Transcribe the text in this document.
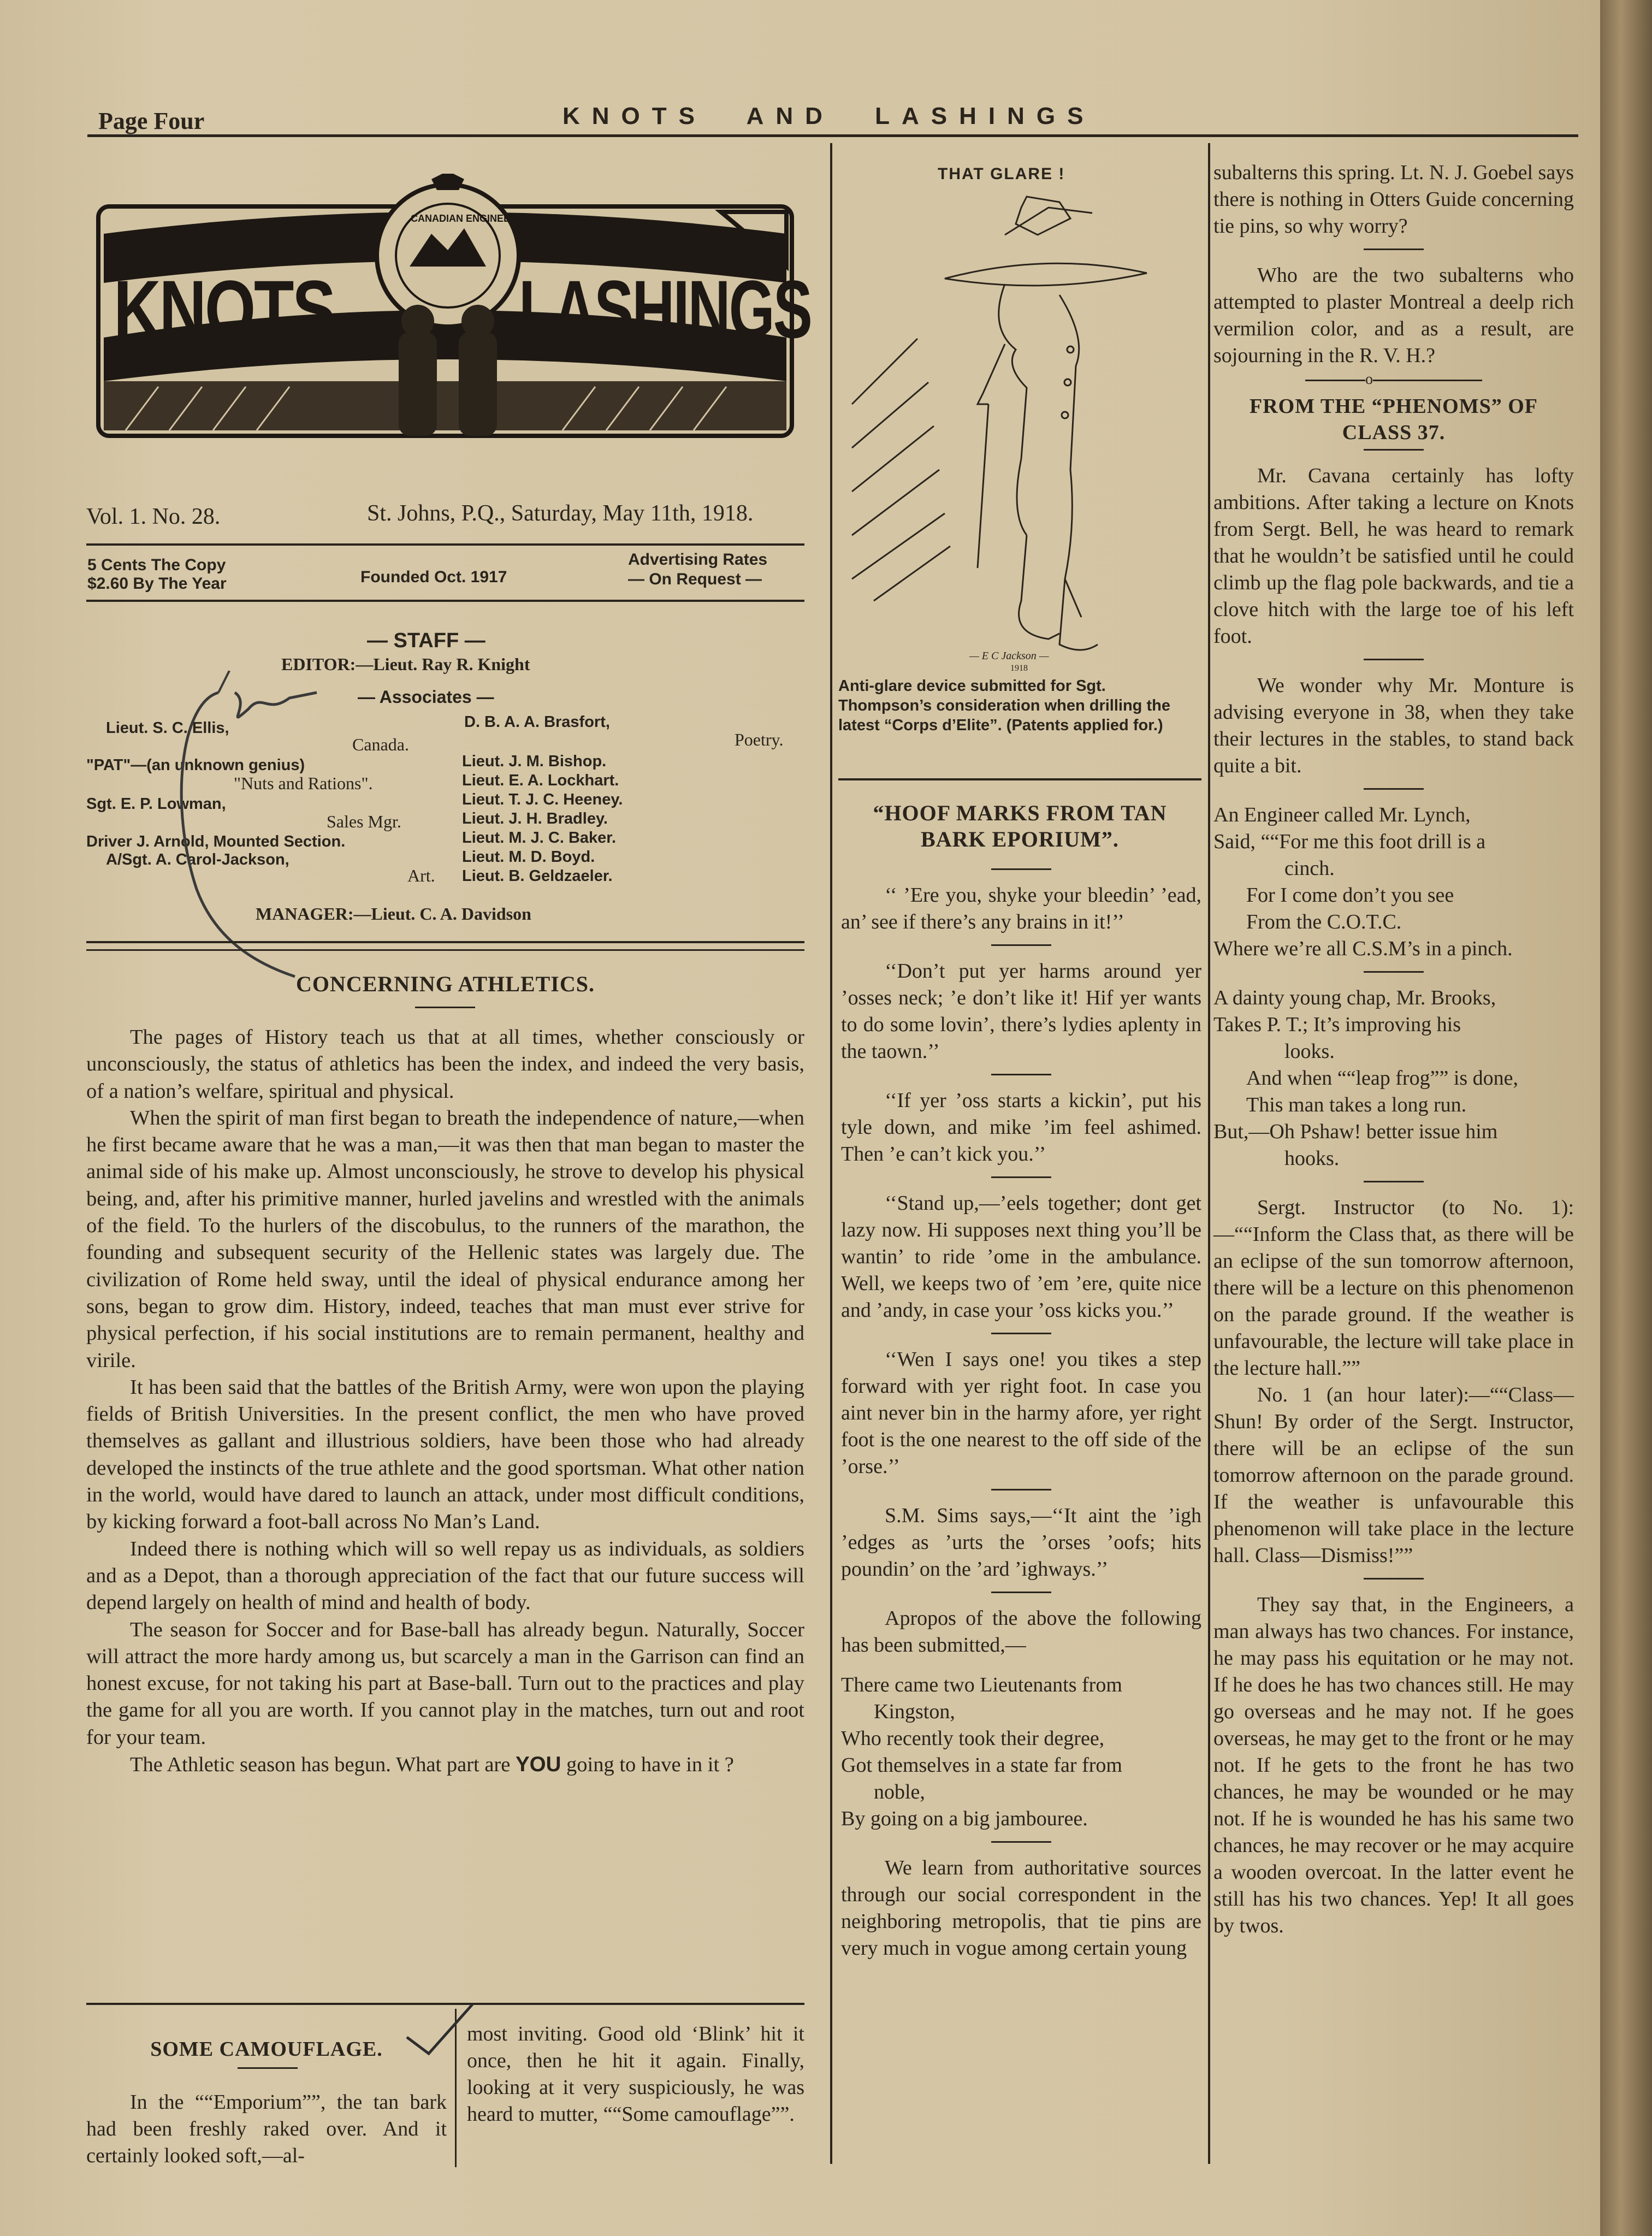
Page Four	KNOTS AND LASHINGS
KNOTS AND LASHINGS
CANADIAN ENGINEERS
Vol. 1. No. 28.	St. Johns, P.Q., Saturday, May 11th, 1918.
5 Cents The Copy
$2.60 By The Year	Founded Oct. 1917
Advertising Rates
— On Request —
— STAFF —
EDITOR:—Lieut. Ray R. Knight
— Associates —
Lieut. S. C. Ellis,
Canada.
"PAT"—(an unknown genius)
"Nuts and Rations".
Sgt. E. P. Lowman,
Sales Mgr.
Driver J. Arnold, Mounted Section.
A/Sgt. A. Carol-Jackson,
Art.
D. B. A. A. Brasfort,
Poetry.
Lieut. J. M. Bishop.
Lieut. E. A. Lockhart.
Lieut. T. J. C. Heeney.
Lieut. J. H. Bradley.
Lieut. M. J. C. Baker.
Lieut. M. D. Boyd.
Lieut. B. Geldzaeler.
MANAGER:—Lieut. C. A. Davidson
CONCERNING ATHLETICS.

The pages of History teach us that at all times, whether consciously or unconsciously, the status of athletics has been the index, and indeed the very basis, of a nation’s welfare, spiritual and physical.

When the spirit of man first began to breath the independence of nature,—when he first became aware that he was a man,—it was then that man began to master the animal side of his make up. Almost unconsciously, he strove to develop his physical being, and, after his primitive manner, hurled javelins and wrestled with the animals of the field. To the hurlers of the discobulus, to the runners of the marathon, the founding and subsequent security of the Hellenic states was largely due. The civilization of Rome held sway, until the ideal of physical endurance among her sons, began to grow dim. History, indeed, teaches that man must ever strive for physical perfection, if his social institutions are to remain permanent, healthy and virile.

It has been said that the battles of the British Army, were won upon the playing fields of British Universities. In the present conflict, the men who have proved themselves as gallant and illustrious soldiers, have been those who had already developed the instincts of the true athlete and the good sportsman. What other nation in the world, would have dared to launch an attack, under most difficult conditions, by kicking forward a foot-ball across No Man’s Land.

Indeed there is nothing which will so well repay us as individuals, as soldiers and as a Depot, than a thorough appreciation of the fact that our future success will depend largely on health of mind and health of body.

The season for Soccer and for Base-ball has already begun. Naturally, Soccer will attract the more hardy among us, but scarcely a man in the Garrison can find an honest excuse, for not taking his part at Base-ball. Turn out to the practices and play the game for all you are worth. If you cannot play in the matches, turn out and root for your team.

The Athletic season has begun. What part are YOU going to have in it ?

SOME CAMOUFLAGE.

In the ““Emporium””, the tan bark had been freshly raked over. And it certainly looked soft,—al-

most inviting. Good old ‘Blink’ hit it once, then he hit it again. Finally, looking at it very suspiciously, he was heard to mutter, ““Some camouflage””.

THAT GLARE !
— E C Jackson —
1918
Anti-glare device submitted for Sgt. Thompson’s consideration when drilling the latest “Corps d’Elite”. (Patents applied for.)
“HOOF MARKS FROM TAN BARK EPORIUM”.

‘‘ ’Ere you, shyke your bleedin’ ’ead, an’ see if there’s any brains in it!’’

‘‘Don’t put yer harms around yer ’osses neck; ’e don’t like it! Hif yer wants to do some lovin’, there’s lydies aplenty in the taown.’’

‘‘If yer ’oss starts a kickin’, put his tyle down, and mike ’im feel ashimed. Then ’e can’t kick you.’’

‘‘Stand up,—’eels together; dont get lazy now. Hi supposes next thing you’ll be wantin’ to ride ’ome in the ambulance. Well, we keeps two of ’em ’ere, quite nice and ’andy, in case your ’oss kicks you.’’

‘‘Wen I says one! you tikes a step forward with yer right foot. In case you aint never bin in the harmy afore, yer right foot is the one nearest to the off side of the ’orse.’’

S.M. Sims says,—‘‘It aint the ’igh ’edges as ’urts the ’orses ’oofs; hits poundin’ on the ’ard ’ighways.’’

Apropos of the above the following has been submitted,—

There came two Lieutenants from
Kingston,
Who recently took their degree,
Got themselves in a state far from
noble,
By going on a big jambouree.

We learn from authoritative sources through our social correspondent in the neighboring metropolis, that tie pins are very much in vogue among certain young

subalterns this spring. Lt. N. J. Goebel says there is nothing in Otters Guide concerning tie pins, so why worry?

Who are the two subalterns who attempted to plaster Montreal a deelp rich vermilion color, and as a result, are sojourning in the R. V. H.?

o
FROM THE “PHENOMS” OF CLASS 37.

Mr. Cavana certainly has lofty ambitions. After taking a lecture on Knots from Sergt. Bell, he was heard to remark that he wouldn’t be satisfied until he could climb up the flag pole backwards, and tie a clove hitch with the large toe of his left foot.

We wonder why Mr. Monture is advising everyone in 38, when they take their lectures in the stables, to stand back quite a bit.

An Engineer called Mr. Lynch,
Said, ““For me this foot drill is a
cinch.
For I come don’t you see
From the C.O.T.C.
Where we’re all C.S.M’s in a pinch.
A dainty young chap, Mr. Brooks,
Takes P. T.; It’s improving his
looks.
And when ““leap frog”” is done,
This man takes a long run.
But,—Oh Pshaw! better issue him
hooks.

Sergt. Instructor (to No. 1):—““Inform the Class that, as there will be an eclipse of the sun tomorrow afternoon, there will be a lecture on this phenomenon on the parade ground. If the weather is unfavourable, the lecture will take place in the lecture hall.””

No. 1 (an hour later):—““Class—Shun! By order of the Sergt. Instructor, there will be an eclipse of the sun tomorrow afternoon on the parade ground. If the weather is unfavourable this phenomenon will take place in the lecture hall. Class—Dismiss!””

They say that, in the Engineers, a man always has two chances. For instance, he may pass his equitation or he may not. If he does he has two chances still. He may go overseas and he may not. If he goes overseas, he may get to the front or he may not. If he gets to the front he has two chances, he may be wounded or he may not. If he is wounded he has his same two chances, he may recover or he may acquire a wooden overcoat. In the latter event he still has his two chances. Yep! It all goes by twos.
